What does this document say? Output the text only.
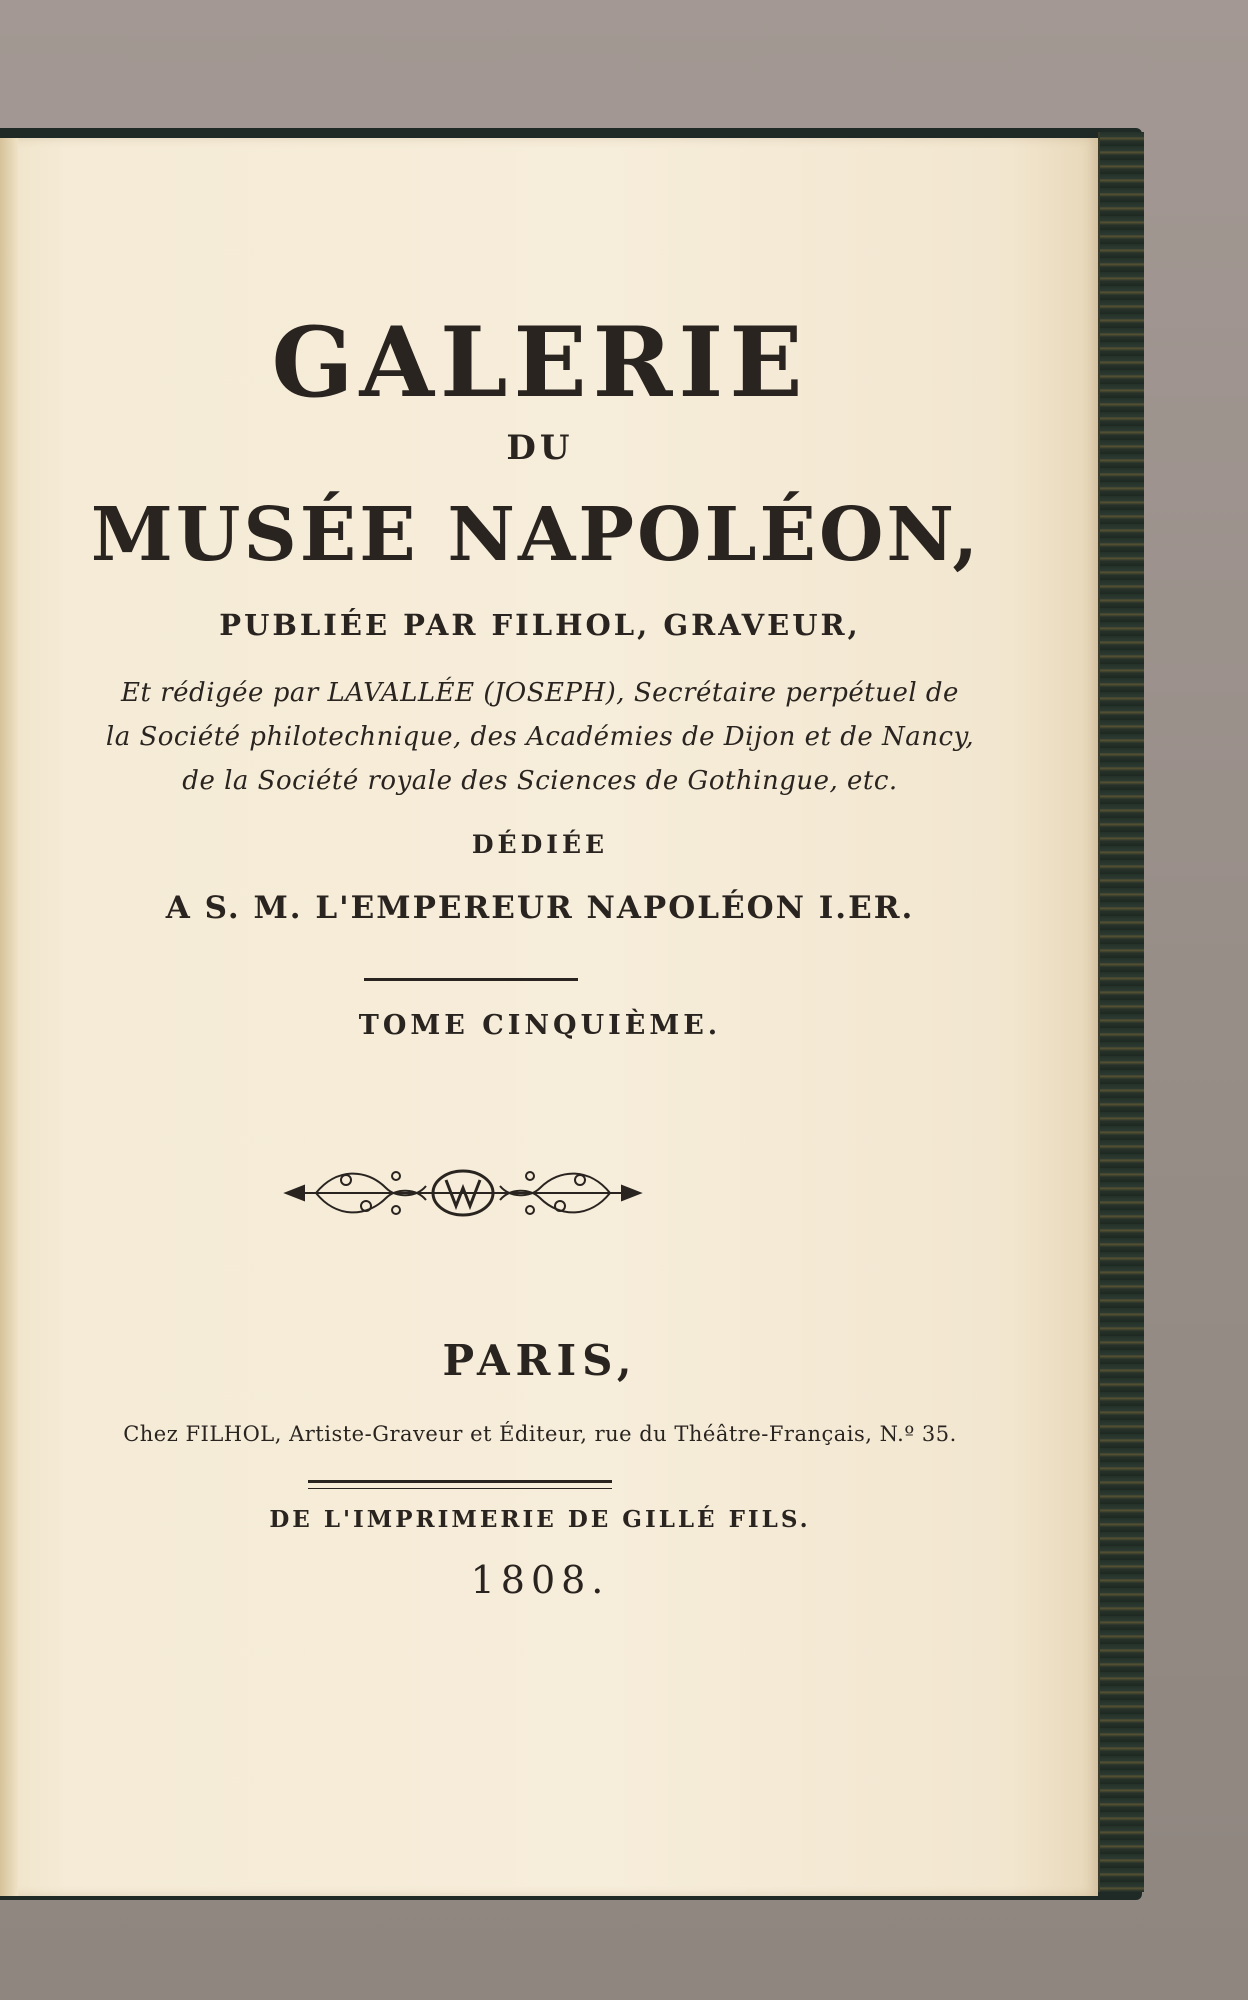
GALERIE
DU
MUSÉE NAPOLÉON,
PUBLIÉE PAR FILHOL, GRAVEUR,
Et rédigée par LAVALLÉE (JOSEPH), Secrétaire perpétuel de
la Société philotechnique, des Académies de Dijon et de Nancy,
de la Société royale des Sciences de Gothingue, etc.
DÉDIÉE
A S. M. L'EMPEREUR NAPOLÉON I.ER.
TOME CINQUIÈME.
PARIS,
Chez FILHOL, Artiste-Graveur et Éditeur, rue du Théâtre-Français, N.º 35.
DE L'IMPRIMERIE DE GILLÉ FILS.
1808.
